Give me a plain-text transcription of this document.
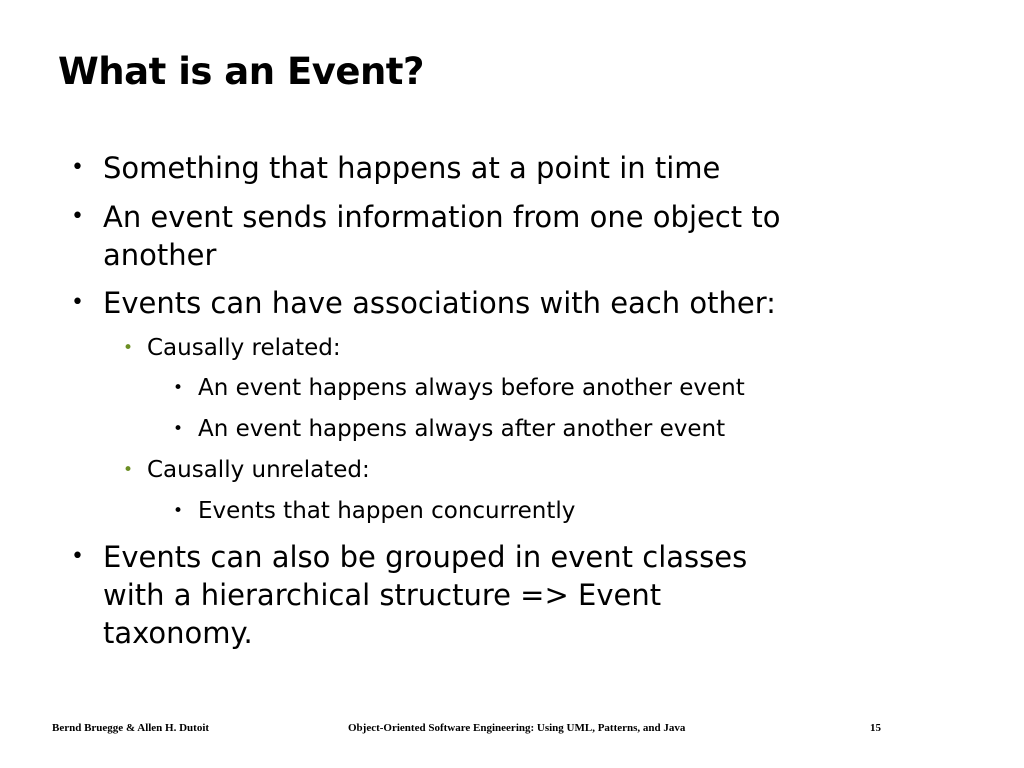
What is an Event?
• Something that happens at a point in time
• An event sends information from one object to
another
• Events can have associations with each other:
• Causally related:
• An event happens always before another event
• An event happens always after another event
• Causally unrelated:
• Events that happen concurrently
• Events can also be grouped in event classes
with a hierarchical structure => Event
taxonomy.
Bernd Bruegge & Allen H. Dutoit	Object-Oriented Software Engineering: Using UML, Patterns, and Java	15
